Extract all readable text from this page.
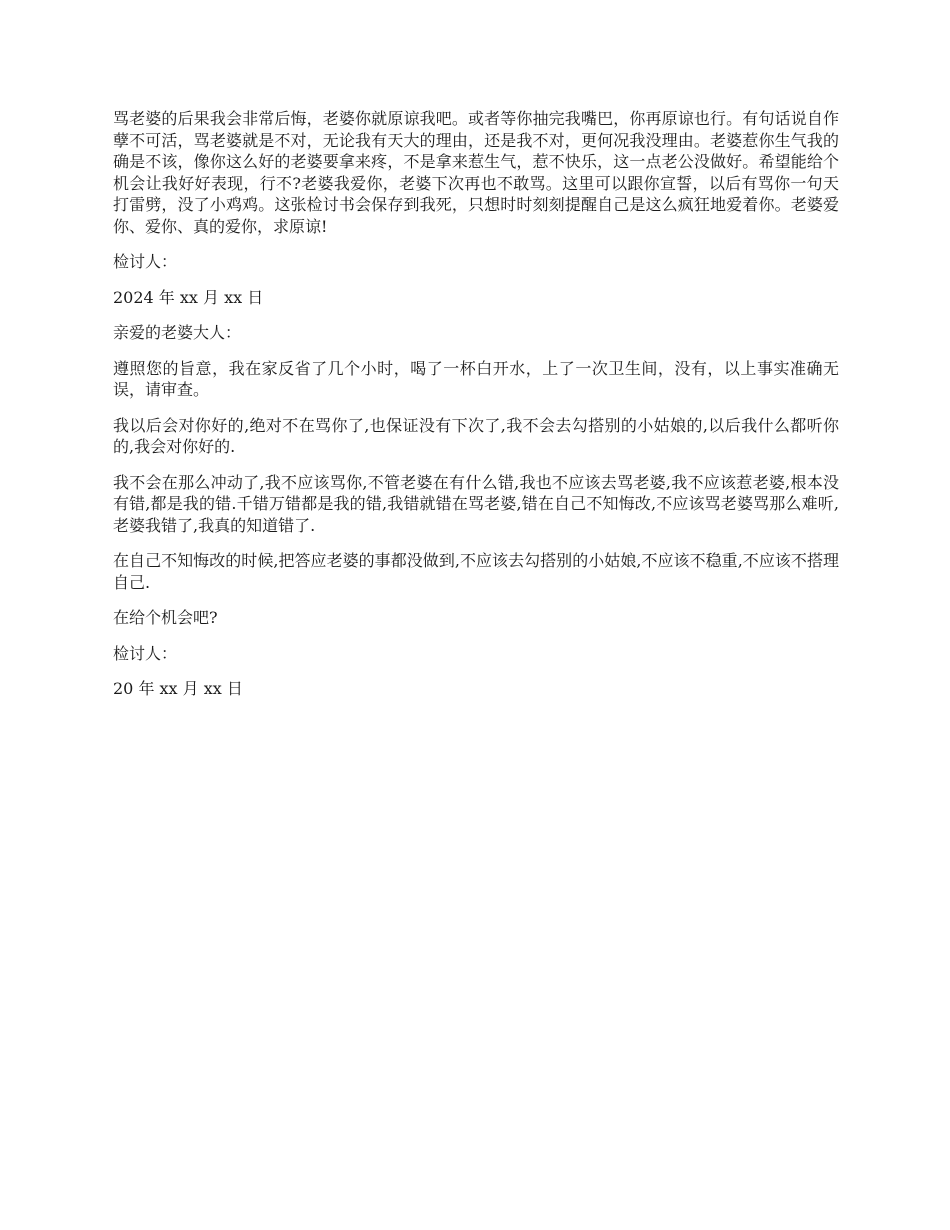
骂老婆的后果我会非常后悔，老婆你就原谅我吧。或者等你抽完我嘴巴，你再原谅也行。有句话说自作孽不可活，骂老婆就是不对，无论我有天大的理由，还是我不对，更何况我没理由。老婆惹你生气我的确是不该，像你这么好的老婆要拿来疼，不是拿来惹生气，惹不快乐，这一点老公没做好。希望能给个机会让我好好表现，行不?老婆我爱你，老婆下次再也不敢骂。这里可以跟你宣誓，以后有骂你一句天打雷劈，没了小鸡鸡。这张检讨书会保存到我死，只想时时刻刻提醒自己是这么疯狂地爱着你。老婆爱你、爱你、真的爱你，求原谅!

检讨人：

2024 年 xx 月 xx 日

亲爱的老婆大人：

遵照您的旨意，我在家反省了几个小时，喝了一杯白开水，上了一次卫生间，没有，以上事实准确无误，请审查。

我以后会对你好的,绝对不在骂你了,也保证没有下次了,我不会去勾搭别的小姑娘的,以后我什么都听你的,我会对你好的.

我不会在那么冲动了,我不应该骂你,不管老婆在有什么错,我也不应该去骂老婆,我不应该惹老婆,根本没有错,都是我的错.千错万错都是我的错,我错就错在骂老婆,错在自己不知悔改,不应该骂老婆骂那么难听,老婆我错了,我真的知道错了.

在自己不知悔改的时候,把答应老婆的事都没做到,不应该去勾搭别的小姑娘,不应该不稳重,不应该不搭理自己.

在给个机会吧?

检讨人：

20 年 xx 月 xx 日
